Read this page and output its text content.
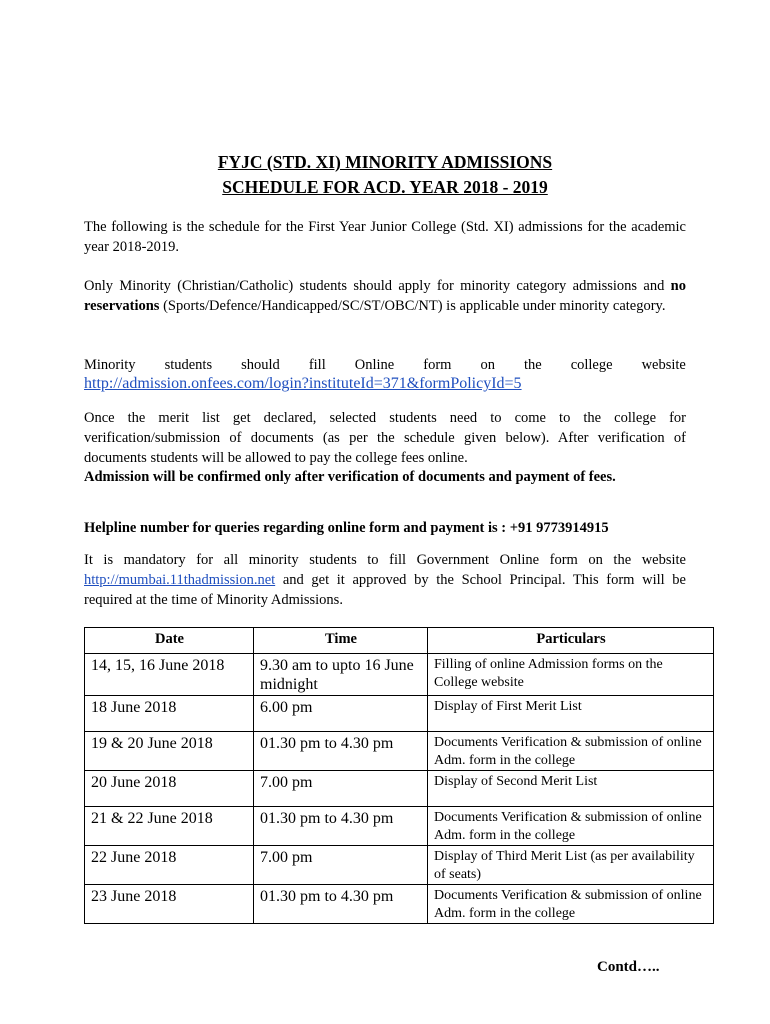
FYJC (STD. XI) MINORITY ADMISSIONS
SCHEDULE FOR ACD. YEAR 2018 - 2019

The following is the schedule for the First Year Junior College (Std. XI) admissions for the academic year 2018-2019.

Only Minority (Christian/Catholic) students should apply for minority category admissions and no reservations (Sports/Defence/Handicapped/SC/ST/OBC/NT) is applicable under minority category.

Minority students should fill Online form on the college website
http://admission.onfees.com/login?instituteId=371&formPolicyId=5

Once the merit list get declared, selected students need to come to the college for verification/submission of documents (as per the schedule given below). After verification of documents students will be allowed to pay the college fees online.

Admission will be confirmed only after verification of documents and payment of fees.

Helpline number for queries regarding online form and payment is : +91 9773914915

It is mandatory for all minority students to fill Government Online form on the website http://mumbai.11thadmission.net and get it approved by the School Principal. This form will be required at the time of Minority Admissions.

Date	Time	Particulars
14, 15, 16 June 2018	9.30 am to upto 16 June midnight	Filling of online Admission forms on the College website
18 June 2018	6.00 pm	Display of First Merit List
19 & 20 June 2018	01.30 pm to 4.30 pm	Documents Verification & submission of online Adm. form in the college
20 June 2018	7.00 pm	Display of Second Merit List
21 & 22 June 2018	01.30 pm to 4.30 pm	Documents Verification & submission of online Adm. form in the college
22 June 2018	7.00 pm	Display of Third Merit List (as per availability of seats)
23 June 2018	01.30 pm to 4.30 pm	Documents Verification & submission of online Adm. form in the college
Contd…..
